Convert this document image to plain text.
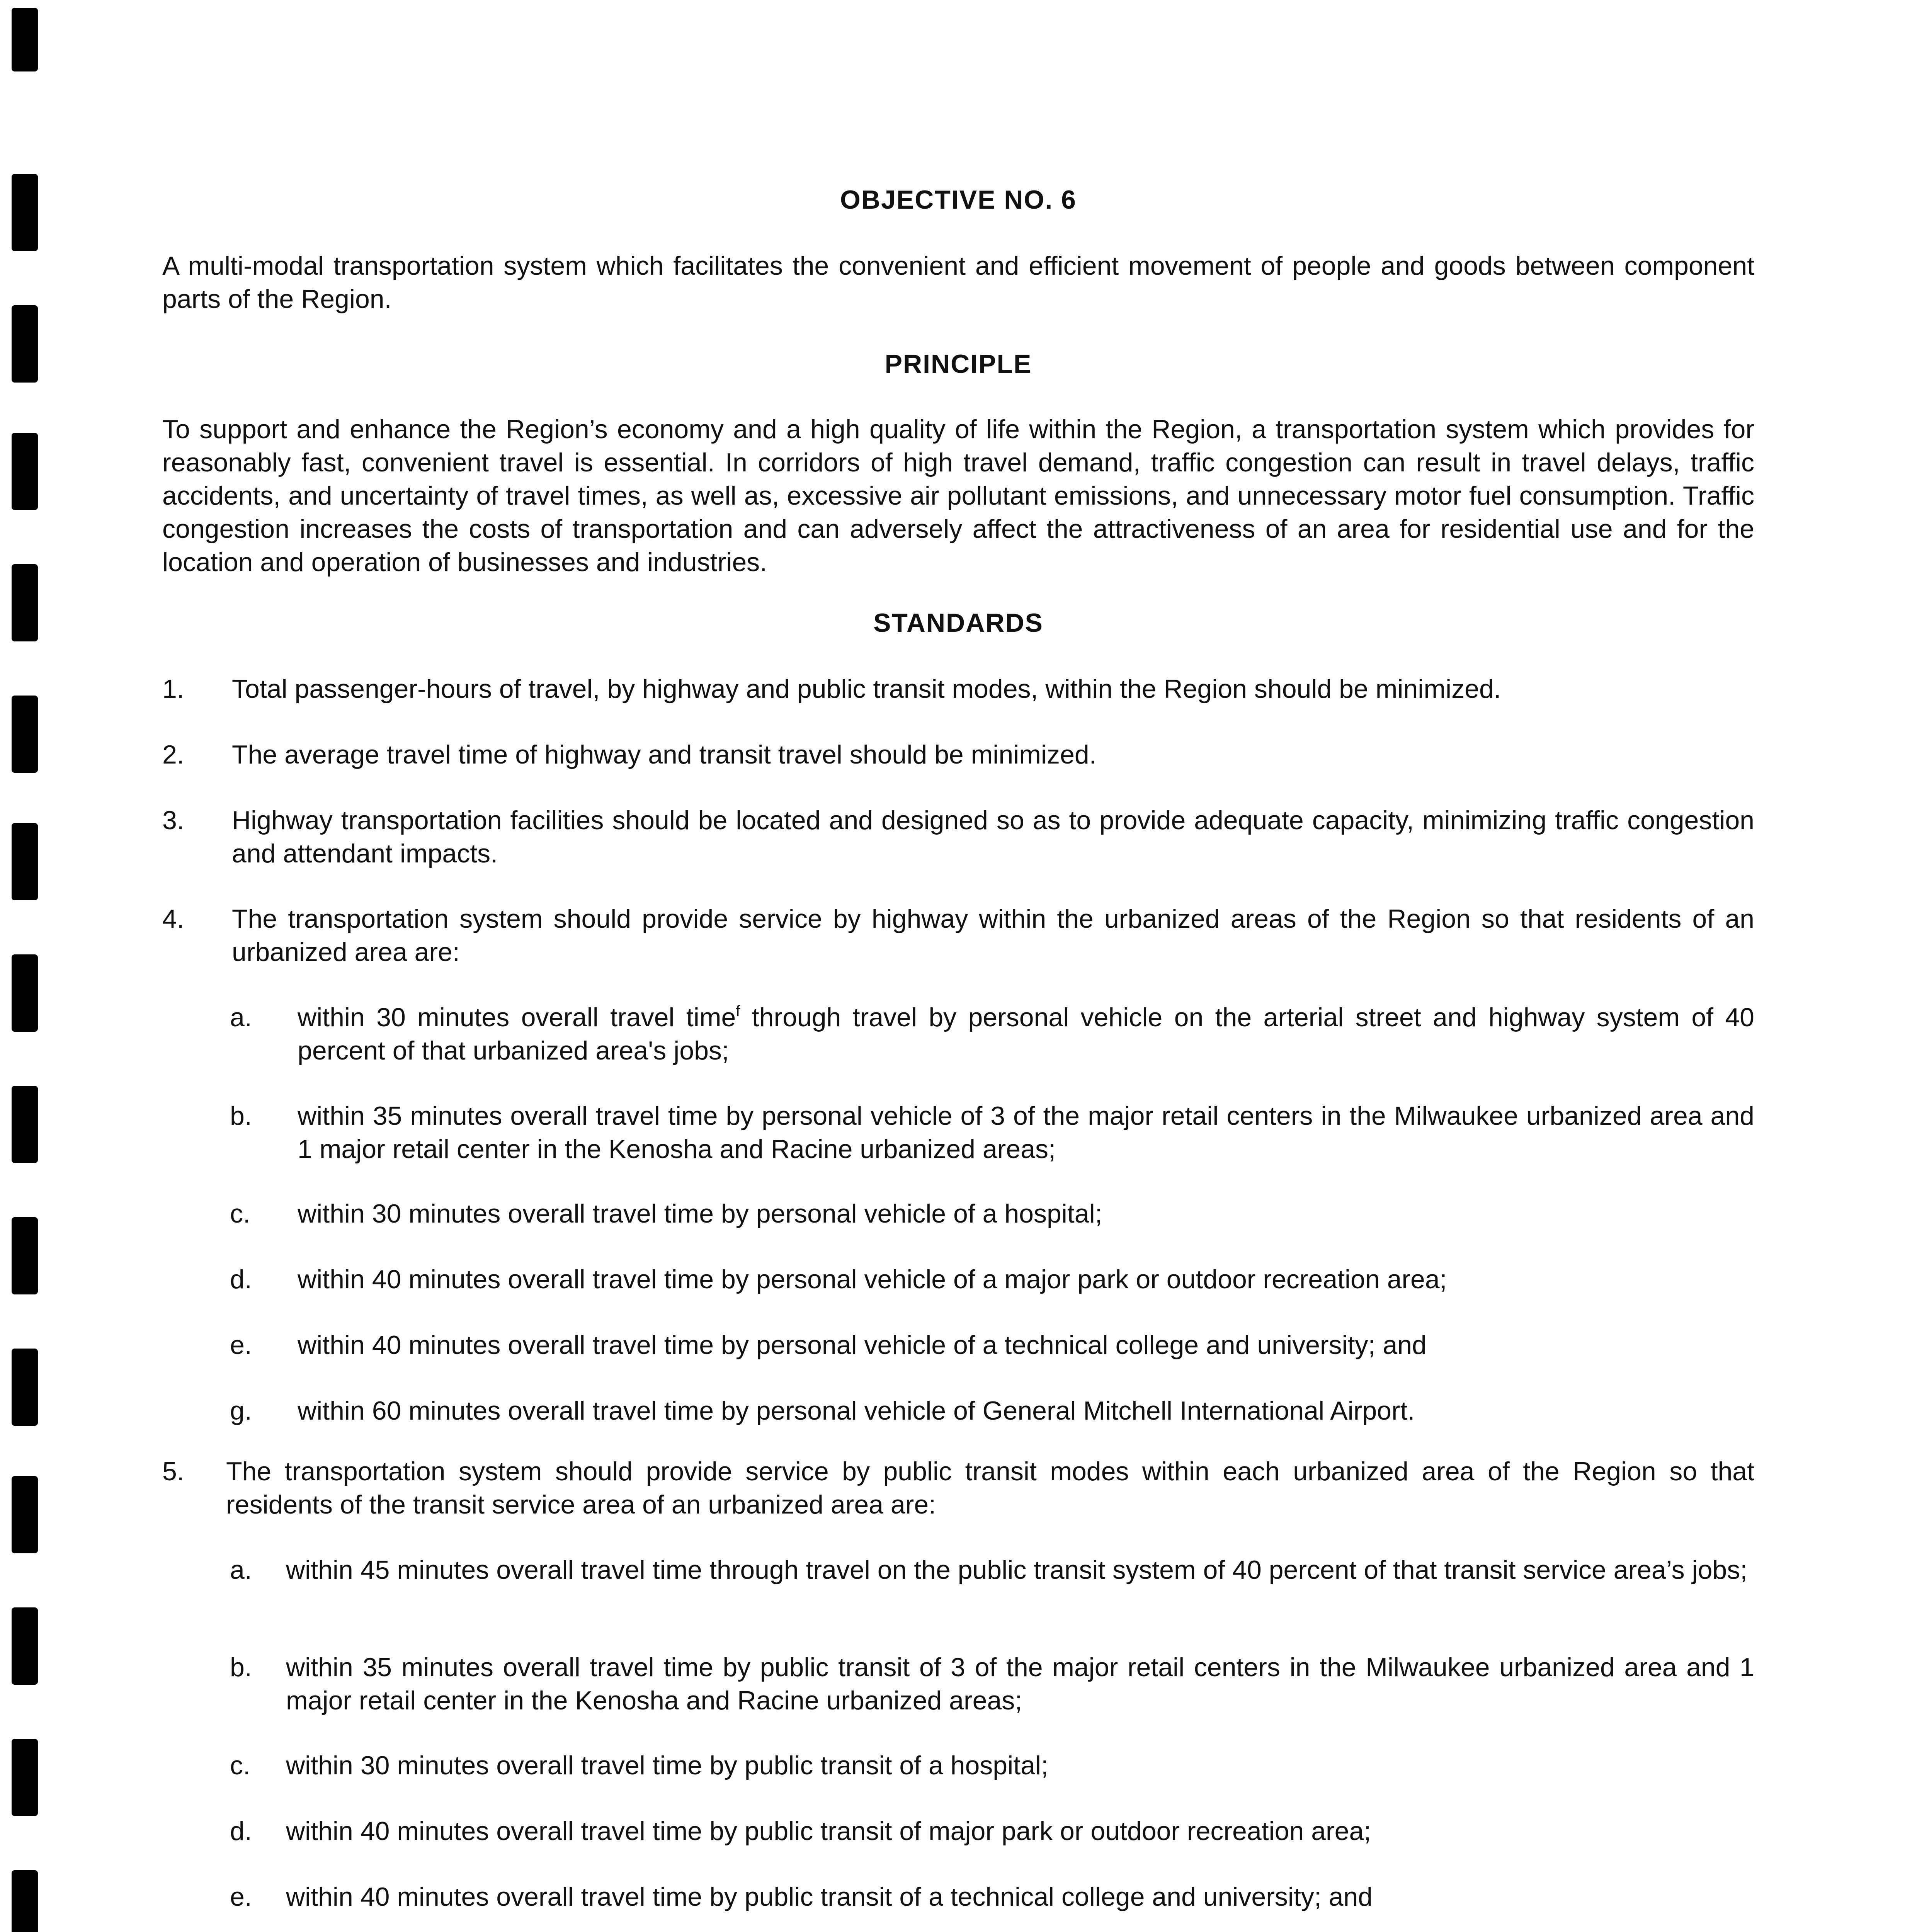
OBJECTIVE NO. 6
A multi-modal transportation system which facilitates the convenient and efficient movement of people and goods between component parts of the Region.
PRINCIPLE
To support and enhance the Region’s economy and a high quality of life within the Region, a transportation system which provides for reasonably fast, convenient travel is essential. In corridors of high travel demand, traffic congestion can result in travel delays, traffic accidents, and uncertainty of travel times, as well as, excessive air pollutant emissions, and unnecessary motor fuel consumption. Traffic congestion increases the costs of transportation and can adversely affect the attractiveness of an area for residential use and for the location and operation of businesses and industries.
STANDARDS
1. Total passenger-hours of travel, by highway and public transit modes, within the Region should be minimized.
2. The average travel time of highway and transit travel should be minimized.
3. Highway transportation facilities should be located and designed so as to provide adequate capacity, minimizing traffic congestion and attendant impacts.
4. The transportation system should provide service by highway within the urbanized areas of the Region so that residents of an urbanized area are:
a. within 30 minutes overall travel time$^f$ through travel by personal vehicle on the arterial street and highway system of 40 percent of that urbanized area's jobs;
b. within 35 minutes overall travel time by personal vehicle of 3 of the major retail centers in the Milwaukee urbanized area and 1 major retail center in the Kenosha and Racine urbanized areas;
c. within 30 minutes overall travel time by personal vehicle of a hospital;
d. within 40 minutes overall travel time by personal vehicle of a major park or outdoor recreation area;
e. within 40 minutes overall travel time by personal vehicle of a technical college and university; and
g. within 60 minutes overall travel time by personal vehicle of General Mitchell International Airport.
5. The transportation system should provide service by public transit modes within each urbanized area of the Region so that residents of the transit service area of an urbanized area are:
a. within 45 minutes overall travel time through travel on the public transit system of 40 percent of that transit service area’s jobs;
b. within 35 minutes overall travel time by public transit of 3 of the major retail centers in the Milwaukee urbanized area and 1 major retail center in the Kenosha and Racine urbanized areas;
c. within 30 minutes overall travel time by public transit of a hospital;
d. within 40 minutes overall travel time by public transit of major park or outdoor recreation area;
e. within 40 minutes overall travel time by public transit of a technical college and university; and
